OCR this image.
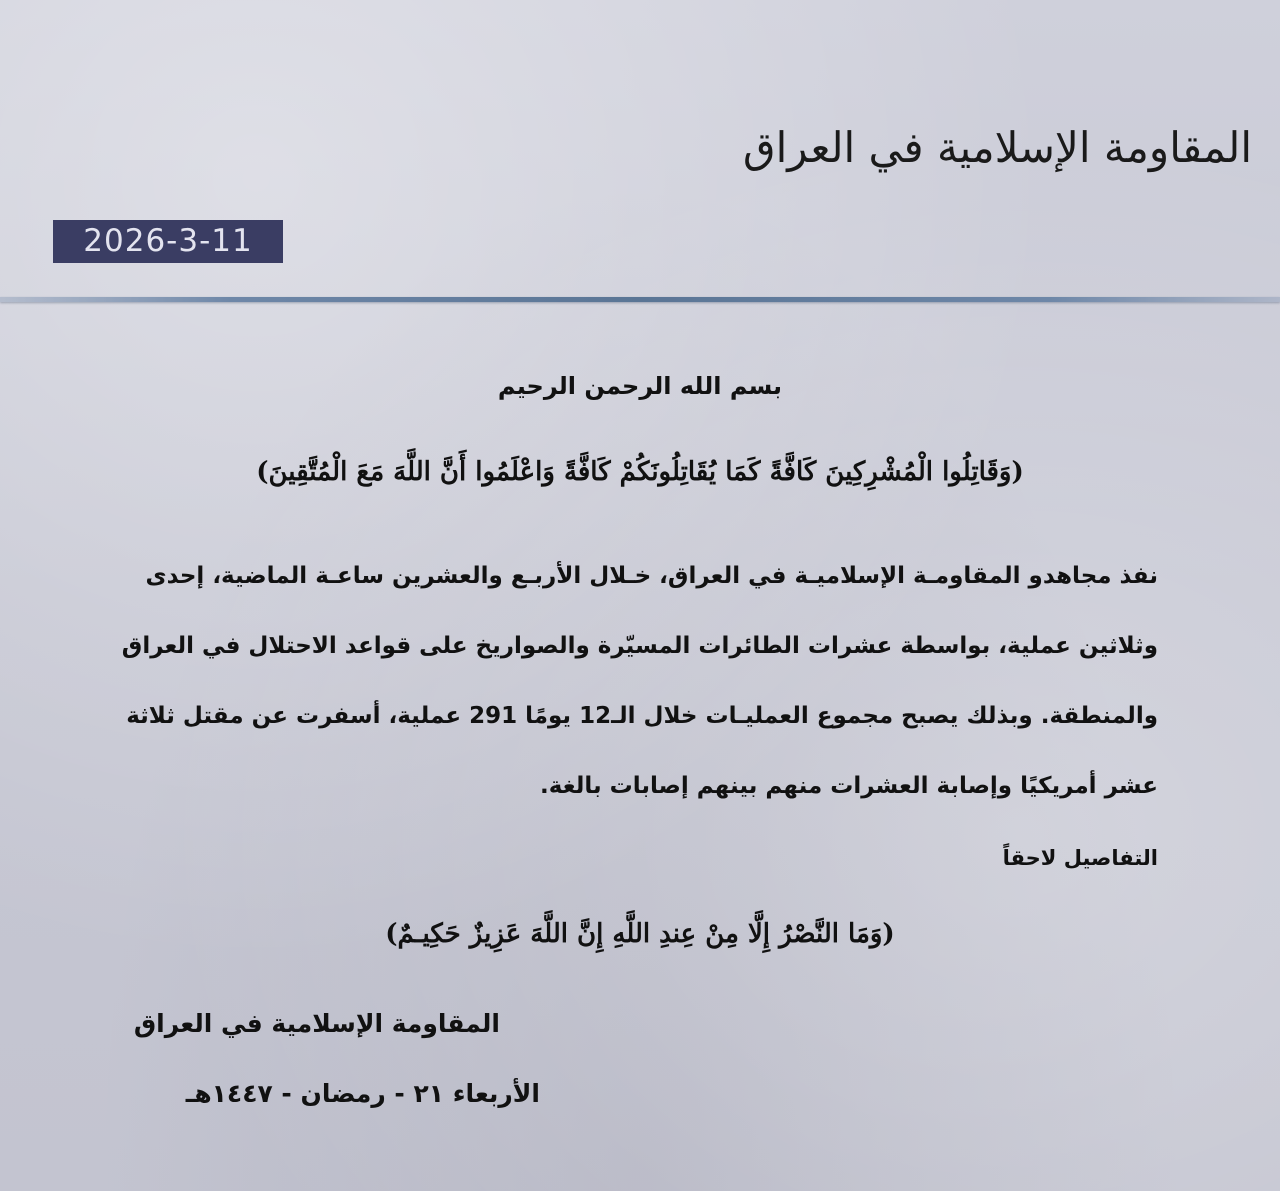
المقاومة الإسلامية في العراق
2026-3-11
بسم الله الرحمن الرحيم
(وَقَاتِلُوا الْمُشْرِكِينَ كَافَّةً كَمَا يُقَاتِلُونَكُمْ كَافَّةً وَاعْلَمُوا أَنَّ اللَّهَ مَعَ الْمُتَّقِينَ)
نفذ مجاهدو المقاومـة الإسلاميـة في العراق، خـلال الأربـع والعشرين ساعـة الماضية، إحدى
وثلاثين عملية، بواسطة عشرات الطائرات المسيّرة والصواريخ على قواعد الاحتلال في العراق
والمنطقة. وبذلك يصبح مجموع العمليـات خلال الـ12 يومًا 291 عملية، أسفرت عن مقتل ثلاثة
عشر أمريكيًا وإصابة العشرات منهم بينهم إصابات بالغة.
التفاصيل لاحقاً
(وَمَا النَّصْرُ إِلَّا مِنْ عِندِ اللَّهِ إِنَّ اللَّهَ عَزِيزٌ حَكِيـمٌ)
المقاومة الإسلامية في العراق
الأربعاء ٢١ - رمضان - ١٤٤٧هـ
